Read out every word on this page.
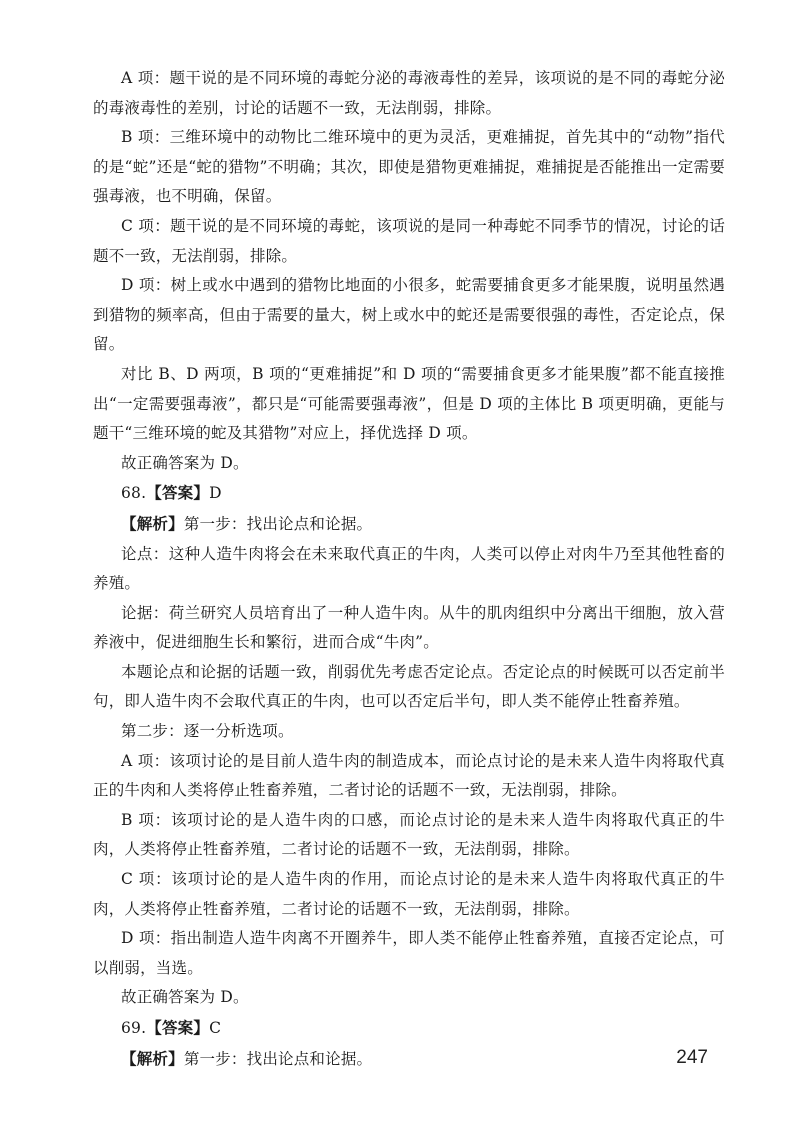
A 项：题干说的是不同环境的毒蛇分泌的毒液毒性的差异，该项说的是不同的毒蛇分泌的毒液毒性的差别，讨论的话题不一致，无法削弱，排除。

B 项：三维环境中的动物比二维环境中的更为灵活，更难捕捉，首先其中的“动物”指代的是“蛇”还是“蛇的猎物”不明确；其次，即使是猎物更难捕捉，难捕捉是否能推出一定需要强毒液，也不明确，保留。

C 项：题干说的是不同环境的毒蛇，该项说的是同一种毒蛇不同季节的情况，讨论的话题不一致，无法削弱，排除。

D 项：树上或水中遇到的猎物比地面的小很多，蛇需要捕食更多才能果腹，说明虽然遇到猎物的频率高，但由于需要的量大，树上或水中的蛇还是需要很强的毒性，否定论点，保留。

对比 B、D 两项，B 项的“更难捕捉”和 D 项的“需要捕食更多才能果腹”都不能直接推出“一定需要强毒液”，都只是“可能需要强毒液”，但是 D 项的主体比 B 项更明确，更能与题干“三维环境的蛇及其猎物”对应上，择优选择 D 项。

故正确答案为 D。

68.【答案】D

【解析】第一步：找出论点和论据。

论点：这种人造牛肉将会在未来取代真正的牛肉，人类可以停止对肉牛乃至其他牲畜的养殖。

论据：荷兰研究人员培育出了一种人造牛肉。从牛的肌肉组织中分离出干细胞，放入营养液中，促进细胞生长和繁衍，进而合成“牛肉”。

本题论点和论据的话题一致，削弱优先考虑否定论点。否定论点的时候既可以否定前半句，即人造牛肉不会取代真正的牛肉，也可以否定后半句，即人类不能停止牲畜养殖。

第二步：逐一分析选项。

A 项：该项讨论的是目前人造牛肉的制造成本，而论点讨论的是未来人造牛肉将取代真正的牛肉和人类将停止牲畜养殖，二者讨论的话题不一致，无法削弱，排除。

B 项：该项讨论的是人造牛肉的口感，而论点讨论的是未来人造牛肉将取代真正的牛肉，人类将停止牲畜养殖，二者讨论的话题不一致，无法削弱，排除。

C 项：该项讨论的是人造牛肉的作用，而论点讨论的是未来人造牛肉将取代真正的牛肉，人类将停止牲畜养殖，二者讨论的话题不一致，无法削弱，排除。

D 项：指出制造人造牛肉离不开圈养牛，即人类不能停止牲畜养殖，直接否定论点，可以削弱，当选。

故正确答案为 D。

69.【答案】C

【解析】第一步：找出论点和论据。	247
